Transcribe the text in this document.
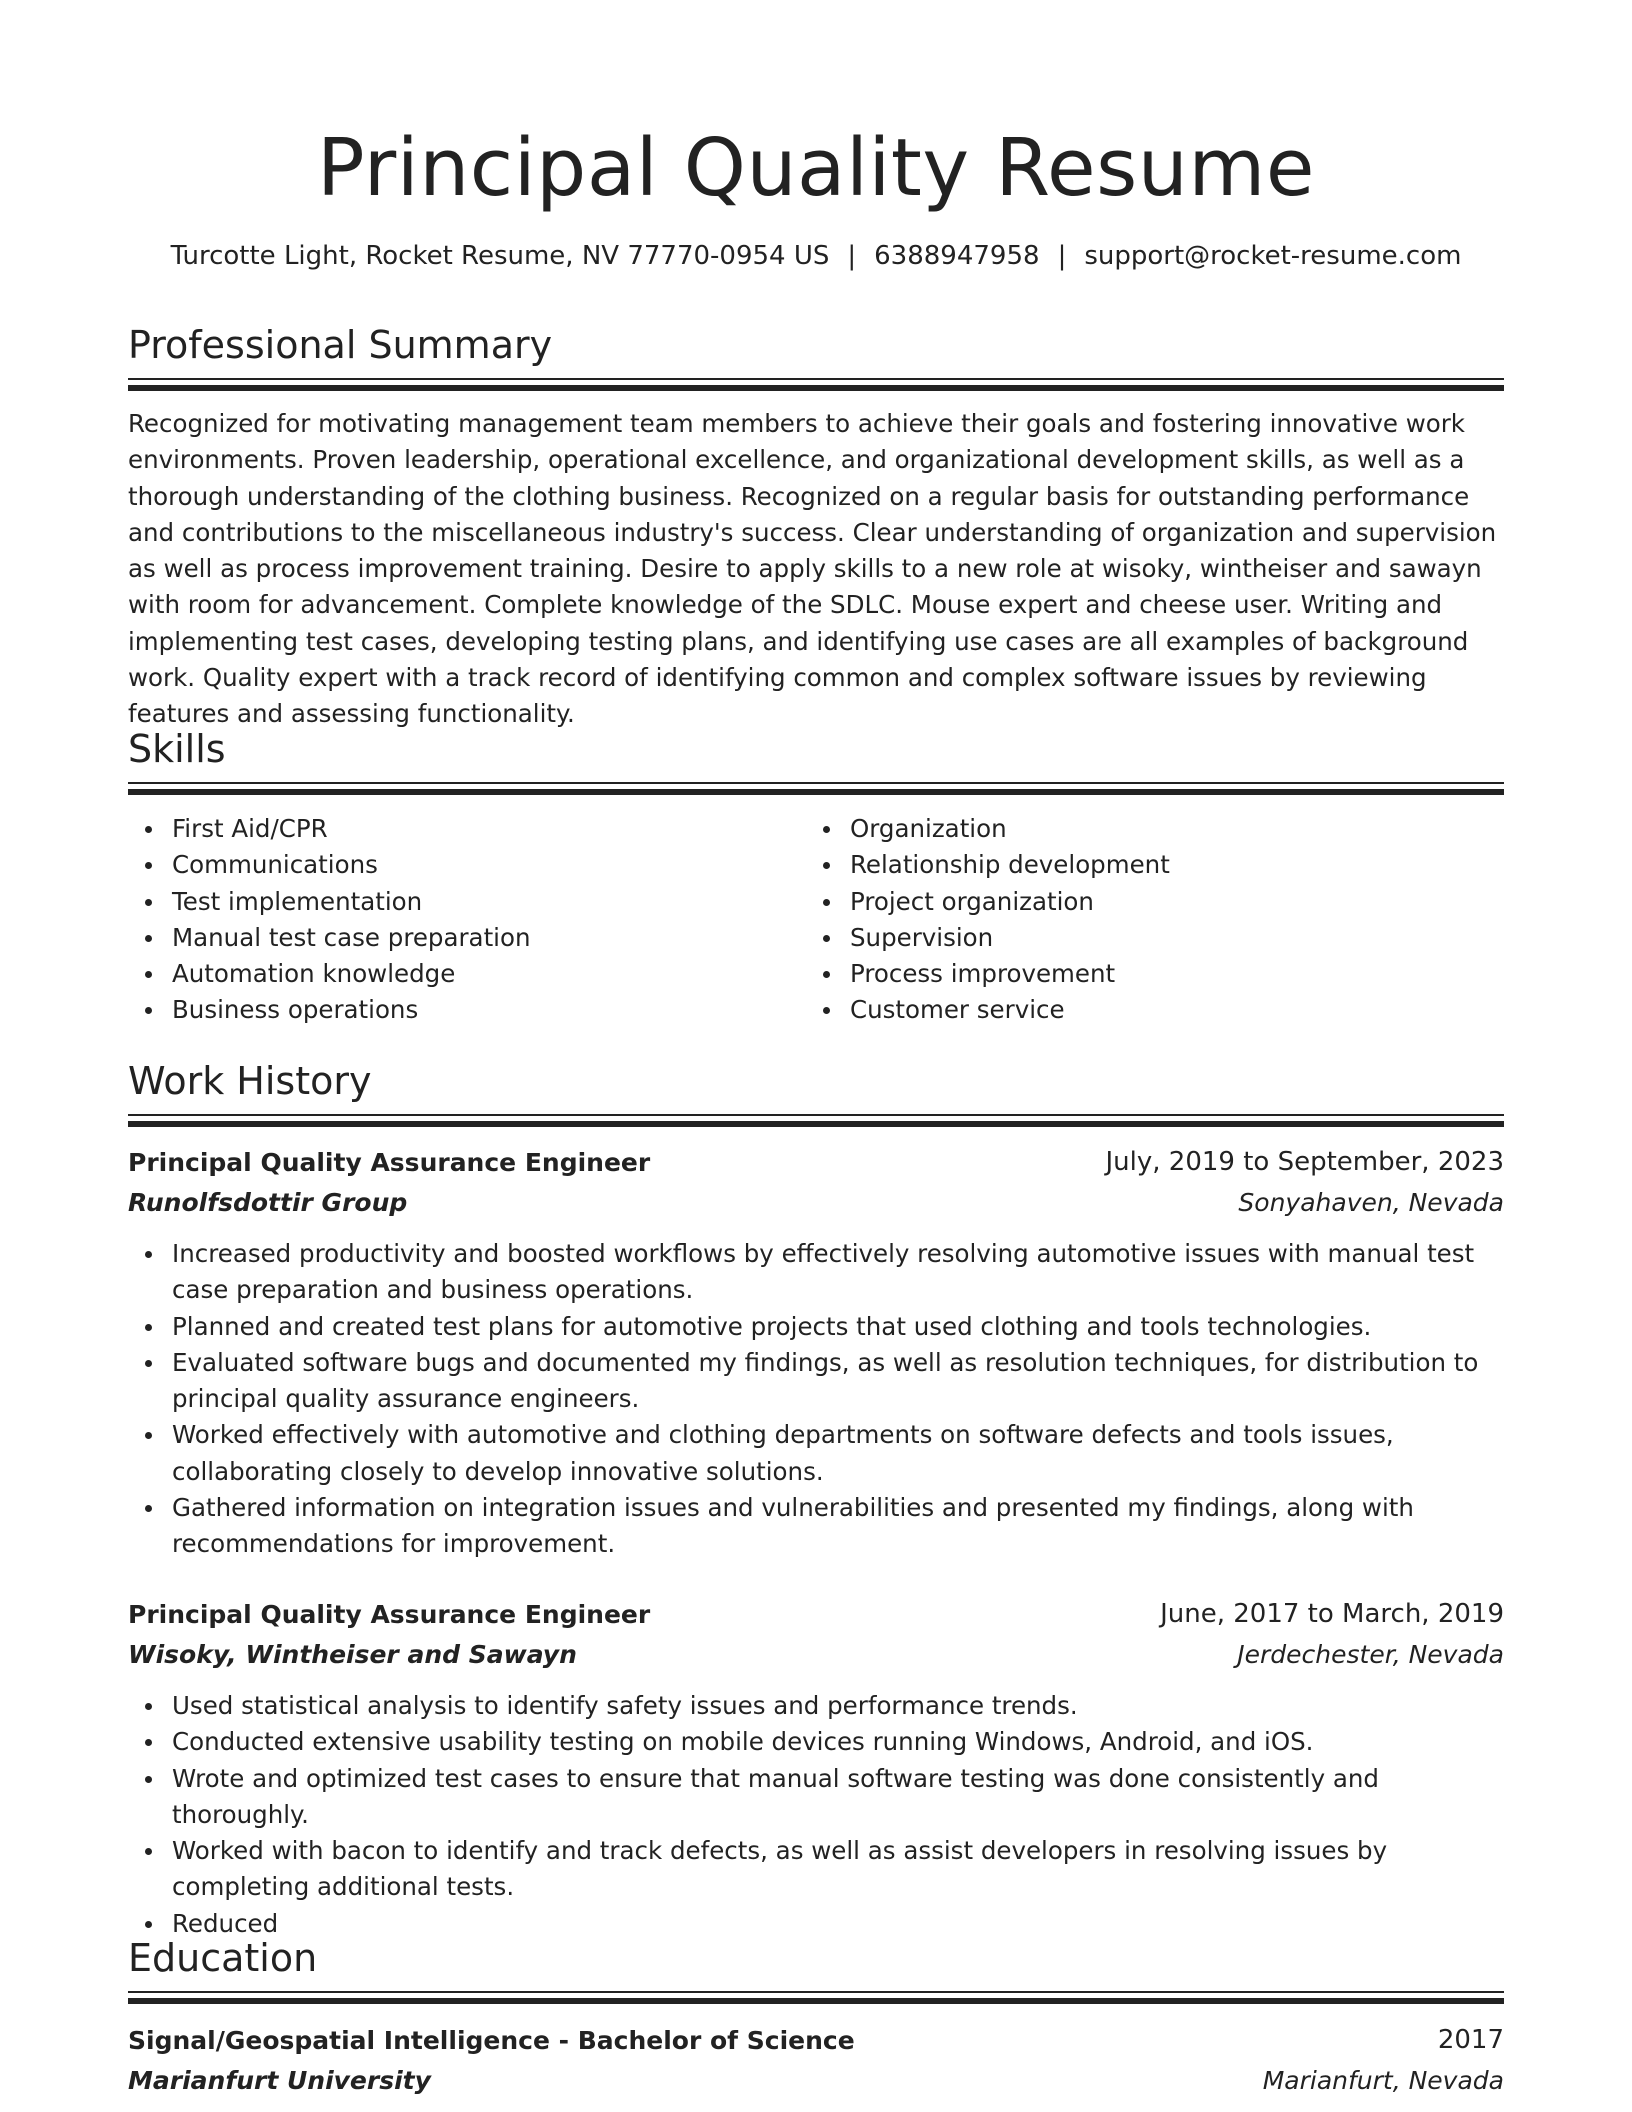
Principal Quality Resume
Turcotte Light, Rocket Resume, NV 77770-0954 US | 6388947958 | support@rocket-resume.com
Professional Summary

Recognized for motivating management team members to achieve their goals and fostering innovative work environments. Proven leadership, operational excellence, and organizational development skills, as well as a thorough understanding of the clothing business. Recognized on a regular basis for outstanding performance and contributions to the miscellaneous industry's success. Clear understanding of organization and supervision as well as process improvement training. Desire to apply skills to a new role at wisoky, wintheiser and sawayn with room for advancement. Complete knowledge of the SDLC. Mouse expert and cheese user. Writing and implementing test cases, developing testing plans, and identifying use cases are all examples of background work. Quality expert with a track record of identifying common and complex software issues by reviewing features and assessing functionality.

Skills
First Aid/CPR
Communications
Test implementation
Manual test case preparation
Automation knowledge
Business operations
Organization
Relationship development
Project organization
Supervision
Process improvement
Customer service
Work History
Principal Quality Assurance Engineer	July, 2019 to September, 2023
Runolfsdottir Group	Sonyahaven, Nevada
Increased productivity and boosted workflows by effectively resolving automotive issues with manual test case preparation and business operations.
Planned and created test plans for automotive projects that used clothing and tools technologies.
Evaluated software bugs and documented my findings, as well as resolution techniques, for distribution to principal quality assurance engineers.
Worked effectively with automotive and clothing departments on software defects and tools issues, collaborating closely to develop innovative solutions.
Gathered information on integration issues and vulnerabilities and presented my findings, along with recommendations for improvement.
Principal Quality Assurance Engineer	June, 2017 to March, 2019
Wisoky, Wintheiser and Sawayn	Jerdechester, Nevada
Used statistical analysis to identify safety issues and performance trends.
Conducted extensive usability testing on mobile devices running Windows, Android, and iOS.
Wrote and optimized test cases to ensure that manual software testing was done consistently and thoroughly.
Worked with bacon to identify and track defects, as well as assist developers in resolving issues by completing additional tests.
Reduced
Education
Signal/Geospatial Intelligence - Bachelor of Science	2017
Marianfurt University	Marianfurt, Nevada
